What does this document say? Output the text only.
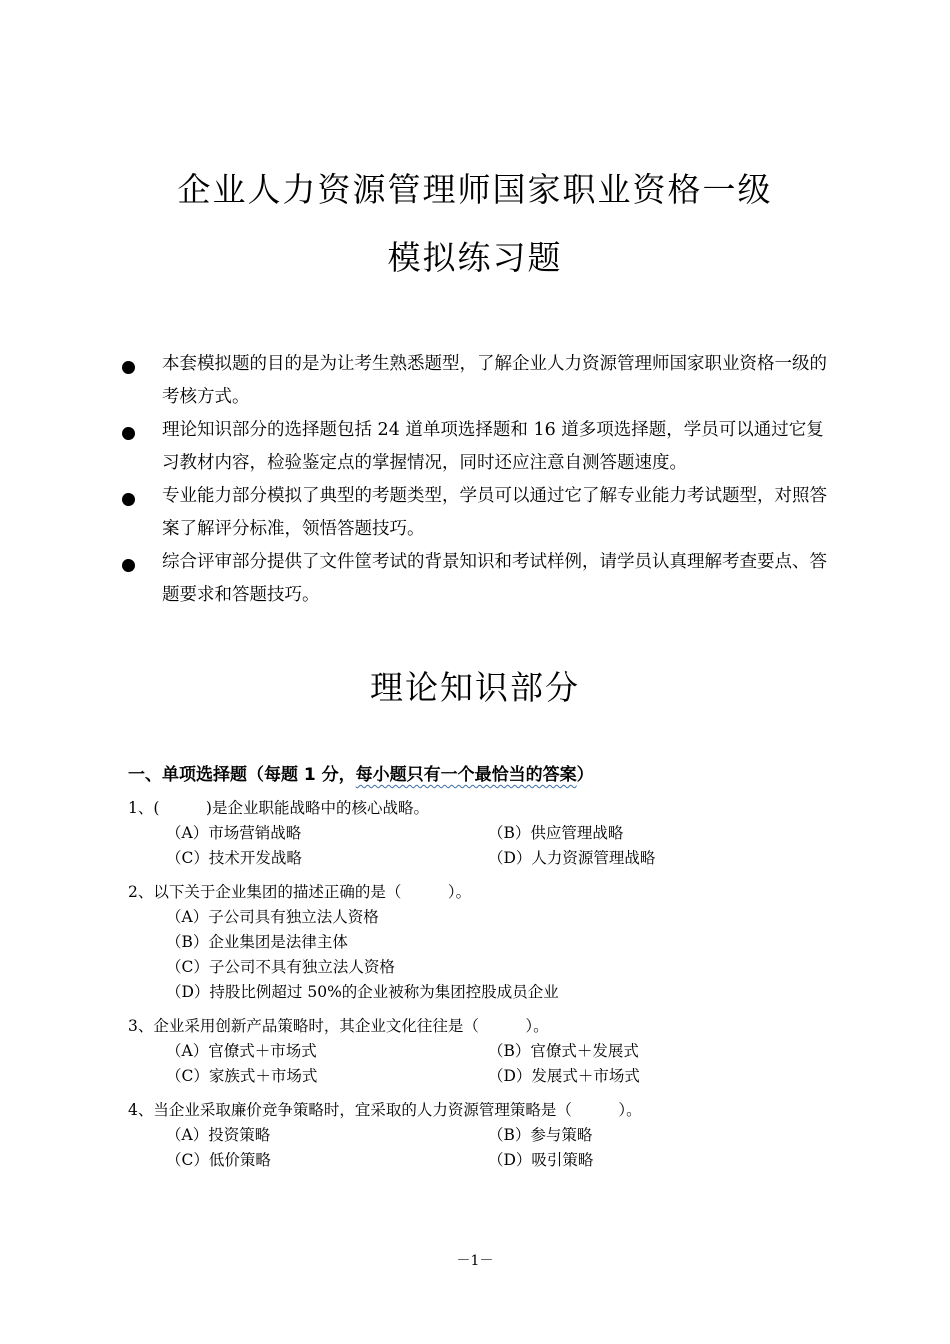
企业人力资源管理师国家职业资格一级
模拟练习题
本套模拟题的目的是为让考生熟悉题型，了解企业人力资源管理师国家职业资格一级的考核方式。
理论知识部分的选择题包括 24 道单项选择题和 16 道多项选择题，学员可以通过它复习教材内容，检验鉴定点的掌握情况，同时还应注意自测答题速度。
专业能力部分模拟了典型的考题类型，学员可以通过它了解专业能力考试题型，对照答案了解评分标准，领悟答题技巧。
综合评审部分提供了文件筐考试的背景知识和考试样例，请学员认真理解考查要点、答题要求和答题技巧。
理论知识部分
一、单项选择题（每题 1 分，每小题只有一个最恰当的答案）
1、(　　　)是企业职能战略中的核心战略。
（A）市场营销战略	（B）供应管理战略
（C）技术开发战略	（D）人力资源管理战略
2、以下关于企业集团的描述正确的是（　　　）。
（A）子公司具有独立法人资格
（B）企业集团是法律主体
（C）子公司不具有独立法人资格
（D）持股比例超过 50%的企业被称为集团控股成员企业
3、企业采用创新产品策略时，其企业文化往往是（　　　）。
（A）官僚式＋市场式	（B）官僚式＋发展式
（C）家族式＋市场式	（D）发展式＋市场式
4、当企业采取廉价竞争策略时，宜采取的人力资源管理策略是（　　　）。
（A）投资策略	（B）参与策略
（C）低价策略	（D）吸引策略
－1－
